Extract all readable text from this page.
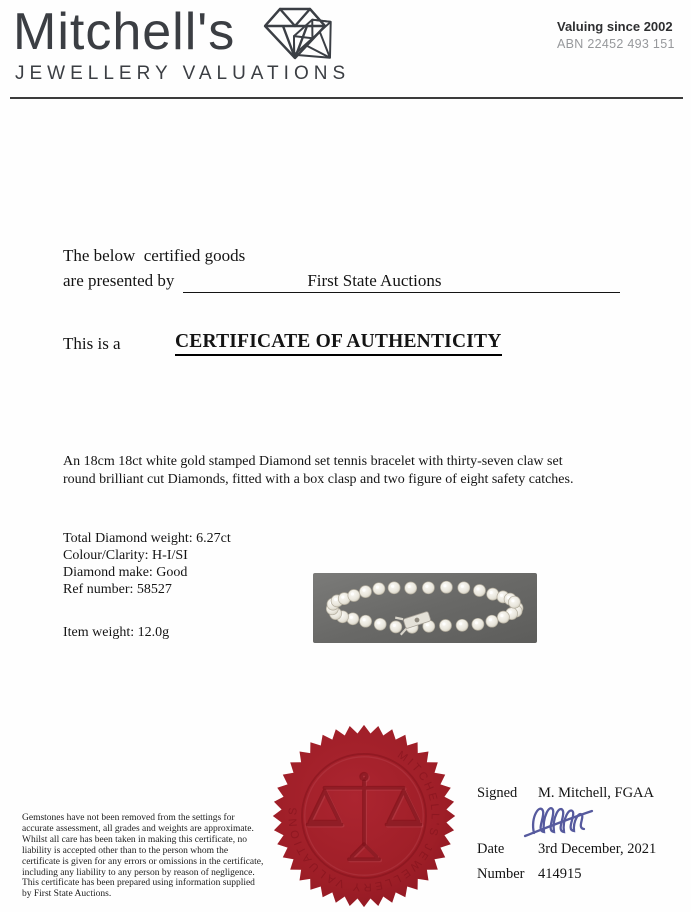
Mitchell's
JEWELLERY VALUATIONS
Valuing since 2002
ABN 22452 493 151
The below  certified goods
are presented by	First State Auctions
This is a	CERTIFICATE OF AUTHENTICITY
An 18cm 18ct white gold stamped Diamond set tennis bracelet with thirty-seven claw set round brilliant cut Diamonds, fitted with a box clasp and two figure of eight safety catches.
Total Diamond weight: 6.27ct
Colour/Clarity: H-I/SI
Diamond make: Good
Ref number: 58527
Item weight: 12.0g
MITCHELL'S JEWELLERY VALUATIONS
Signed M. Mitchell, FGAA
Date 3rd December, 2021
Number 414915
Gemstones have not been removed from the settings for accurate assessment, all grades and weights are approximate. Whilst all care has been taken in making this certificate, no liability is accepted other than to the person whom the certificate is given for any errors or omissions in the certificate, including any liability to any person by reason of negligence. This certificate has been prepared using information supplied by First State Auctions.
